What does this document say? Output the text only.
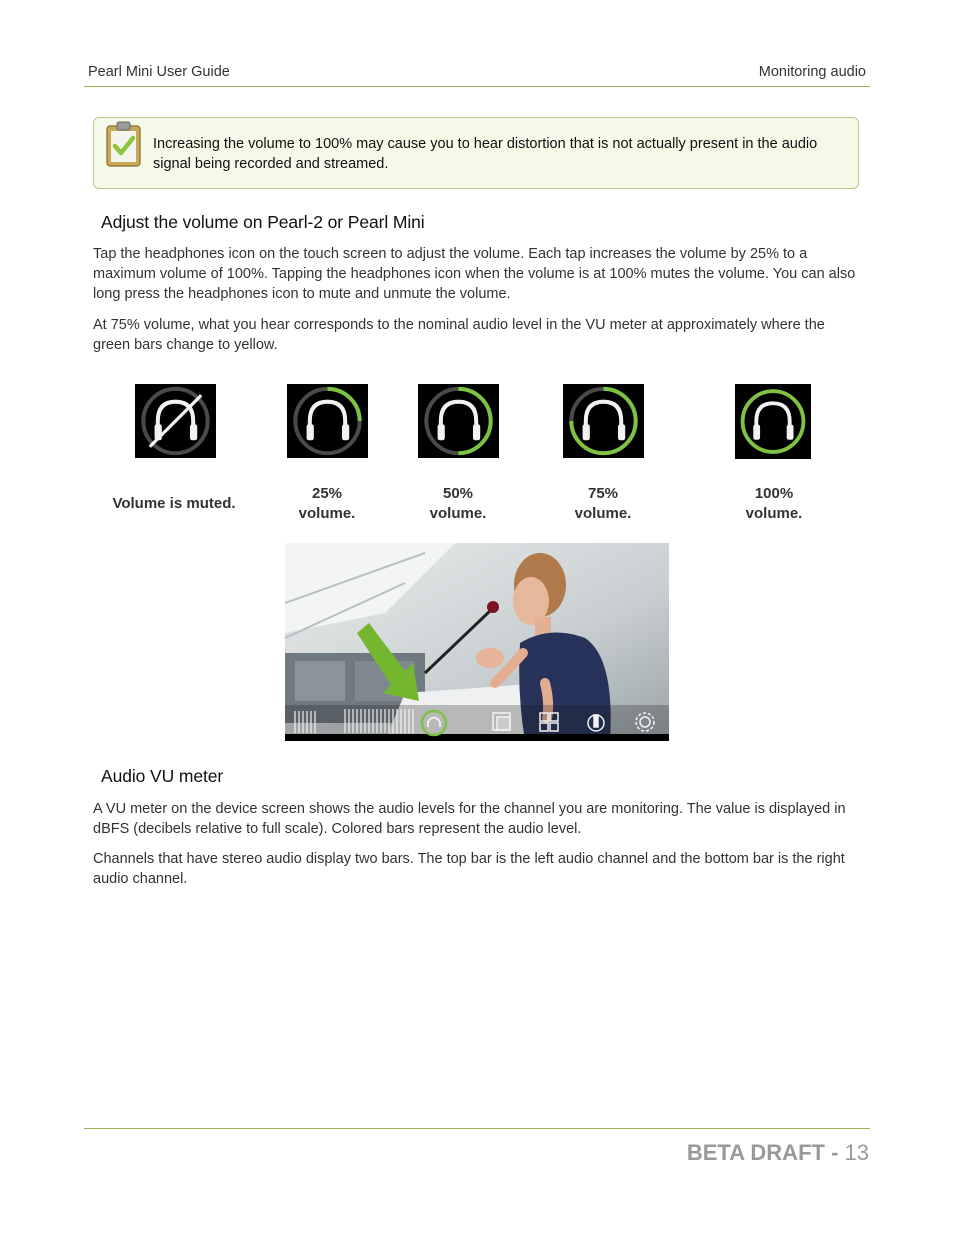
Pearl Mini User Guide	Monitoring audio
Increasing the volume to 100% may cause you to hear distortion that is not actually present in the audio signal being recorded and streamed.
Adjust the volume on Pearl-2 or Pearl Mini

Tap the headphones icon on the touch screen to adjust the volume. Each tap increases the volume by 25% to a maximum volume of 100%. Tapping the headphones icon when the volume is at 100% mutes the volume. You can also long press the headphones icon to mute and unmute the volume.

At 75% volume, what you hear corresponds to the nominal audio level in the VU meter at approximately where the green bars change to yellow.

Volume is muted.
25%
volume.
50%
volume.
75%
volume.
100%
volume.
Audio VU meter

A VU meter on the device screen shows the audio levels for the channel you are monitoring. The value is displayed in dBFS (decibels relative to full scale). Colored bars represent the audio level.

Channels that have stereo audio display two bars. The top bar is the left audio channel and the bottom bar is the right audio channel.

BETA DRAFT - 13
